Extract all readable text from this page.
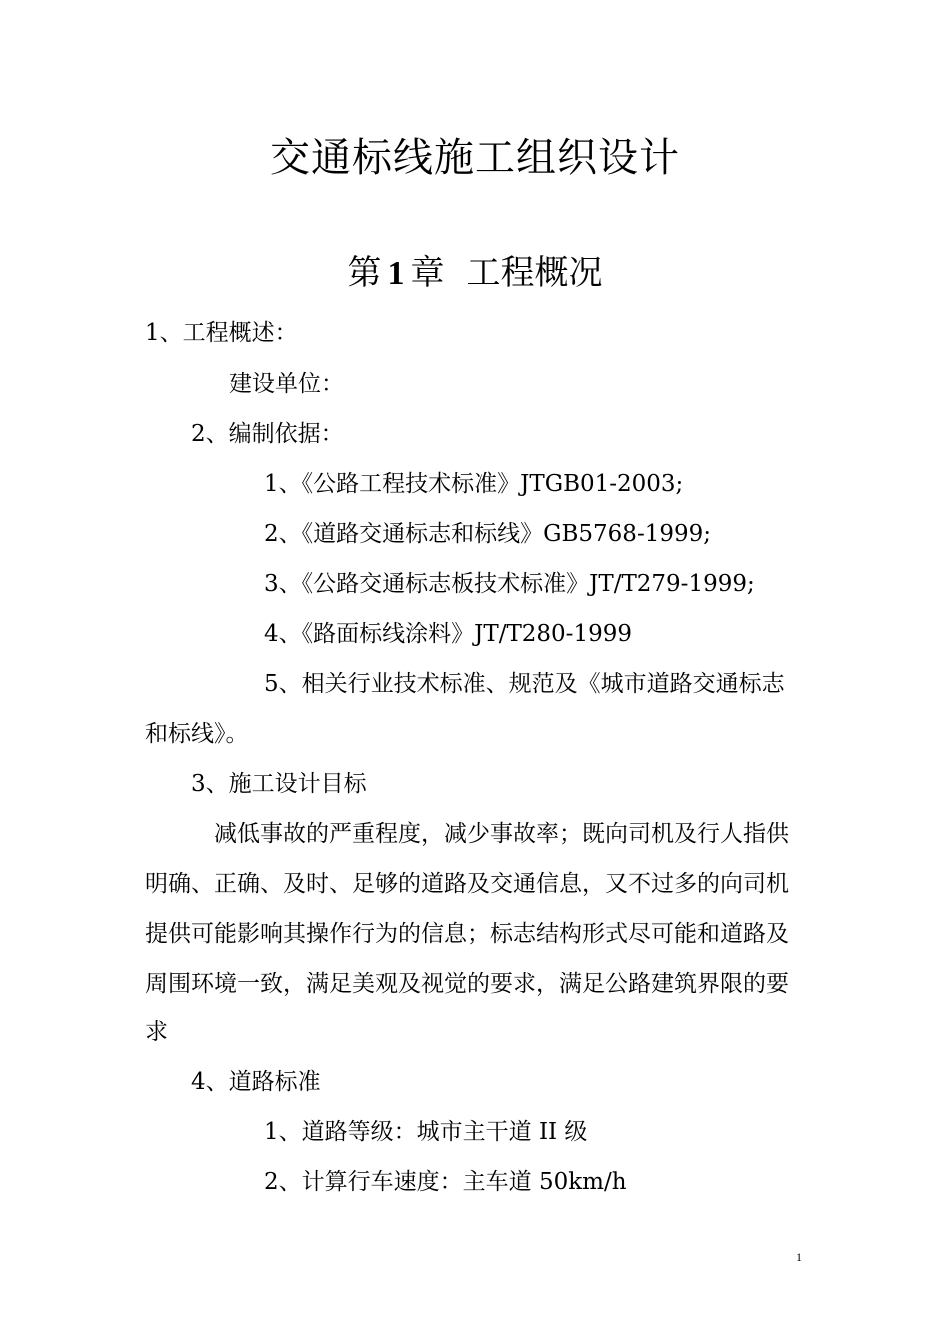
交通标线施工组织设计
第 1 章 工程概况
1、工程概述：
建设单位：
2、编制依据：
1、《公路工程技术标准》JTGB01-2003;
2、《道路交通标志和标线》GB5768-1999;
3、《公路交通标志板技术标准》JT/T279-1999;
4、《路面标线涂料》JT/T280-1999
5、相关行业技术标准、规范及《城市道路交通标志
和标线》。
3、施工设计目标
减低事故的严重程度，减少事故率；既向司机及行人指供
明确、正确、及时、足够的道路及交通信息，又不过多的向司机
提供可能影响其操作行为的信息；标志结构形式尽可能和道路及
周围环境一致，满足美观及视觉的要求，满足公路建筑界限的要
求
4、道路标准
1、道路等级：城市主干道 II 级
2、计算行车速度：主车道 50km/h
1
